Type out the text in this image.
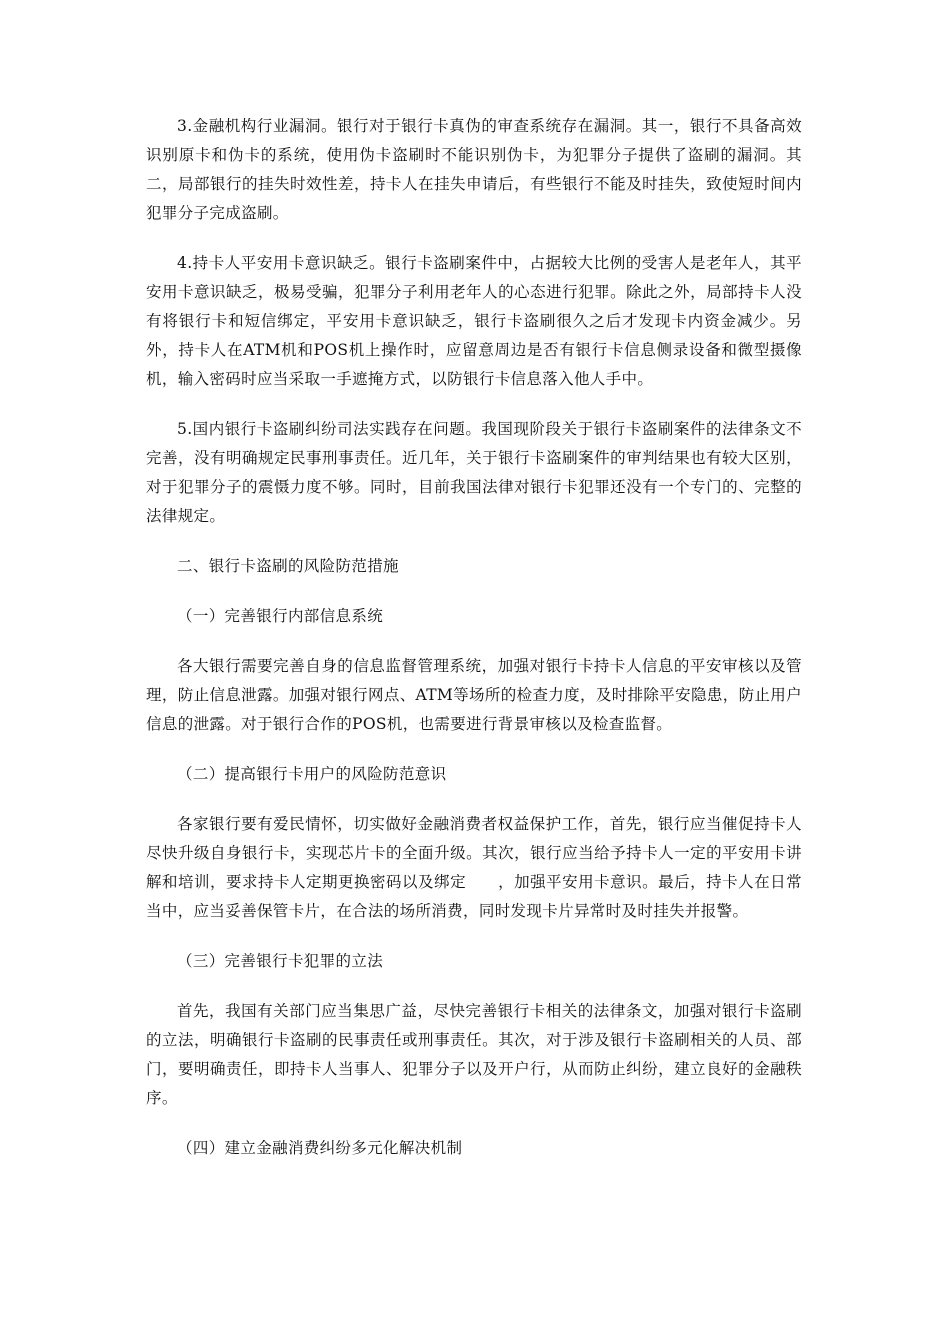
3.金融机构行业漏洞。银行对于银行卡真伪的审查系统存在漏洞。其一，银行不具备高效识别原卡和伪卡的系统，使用伪卡盗刷时不能识别伪卡，为犯罪分子提供了盗刷的漏洞。其二，局部银行的挂失时效性差，持卡人在挂失申请后，有些银行不能及时挂失，致使短时间内犯罪分子完成盗刷。

4.持卡人平安用卡意识缺乏。银行卡盗刷案件中，占据较大比例的受害人是老年人，其平安用卡意识缺乏，极易受骗，犯罪分子利用老年人的心态进行犯罪。除此之外，局部持卡人没有将银行卡和短信绑定，平安用卡意识缺乏，银行卡盗刷很久之后才发现卡内资金减少。另外，持卡人在ATM机和POS机上操作时，应留意周边是否有银行卡信息侧录设备和微型摄像机，输入密码时应当采取一手遮掩方式，以防银行卡信息落入他人手中。

5.国内银行卡盗刷纠纷司法实践存在问题。我国现阶段关于银行卡盗刷案件的法律条文不完善，没有明确规定民事刑事责任。近几年，关于银行卡盗刷案件的审判结果也有较大区别，对于犯罪分子的震慑力度不够。同时，目前我国法律对银行卡犯罪还没有一个专门的、完整的法律规定。

二、银行卡盗刷的风险防范措施

（一）完善银行内部信息系统

各大银行需要完善自身的信息监督管理系统，加强对银行卡持卡人信息的平安审核以及管理，防止信息泄露。加强对银行网点、ATM等场所的检查力度，及时排除平安隐患，防止用户信息的泄露。对于银行合作的POS机，也需要进行背景审核以及检查监督。

（二）提高银行卡用户的风险防范意识

各家银行要有爱民情怀，切实做好金融消费者权益保护工作，首先，银行应当催促持卡人尽快升级自身银行卡，实现芯片卡的全面升级。其次，银行应当给予持卡人一定的平安用卡讲解和培训，要求持卡人定期更换密码以及绑定　　，加强平安用卡意识。最后，持卡人在日常当中，应当妥善保管卡片，在合法的场所消费，同时发现卡片异常时及时挂失并报警。

（三）完善银行卡犯罪的立法

首先，我国有关部门应当集思广益，尽快完善银行卡相关的法律条文，加强对银行卡盗刷的立法，明确银行卡盗刷的民事责任或刑事责任。其次，对于涉及银行卡盗刷相关的人员、部门，要明确责任，即持卡人当事人、犯罪分子以及开户行，从而防止纠纷，建立良好的金融秩序。

（四）建立金融消费纠纷多元化解决机制
